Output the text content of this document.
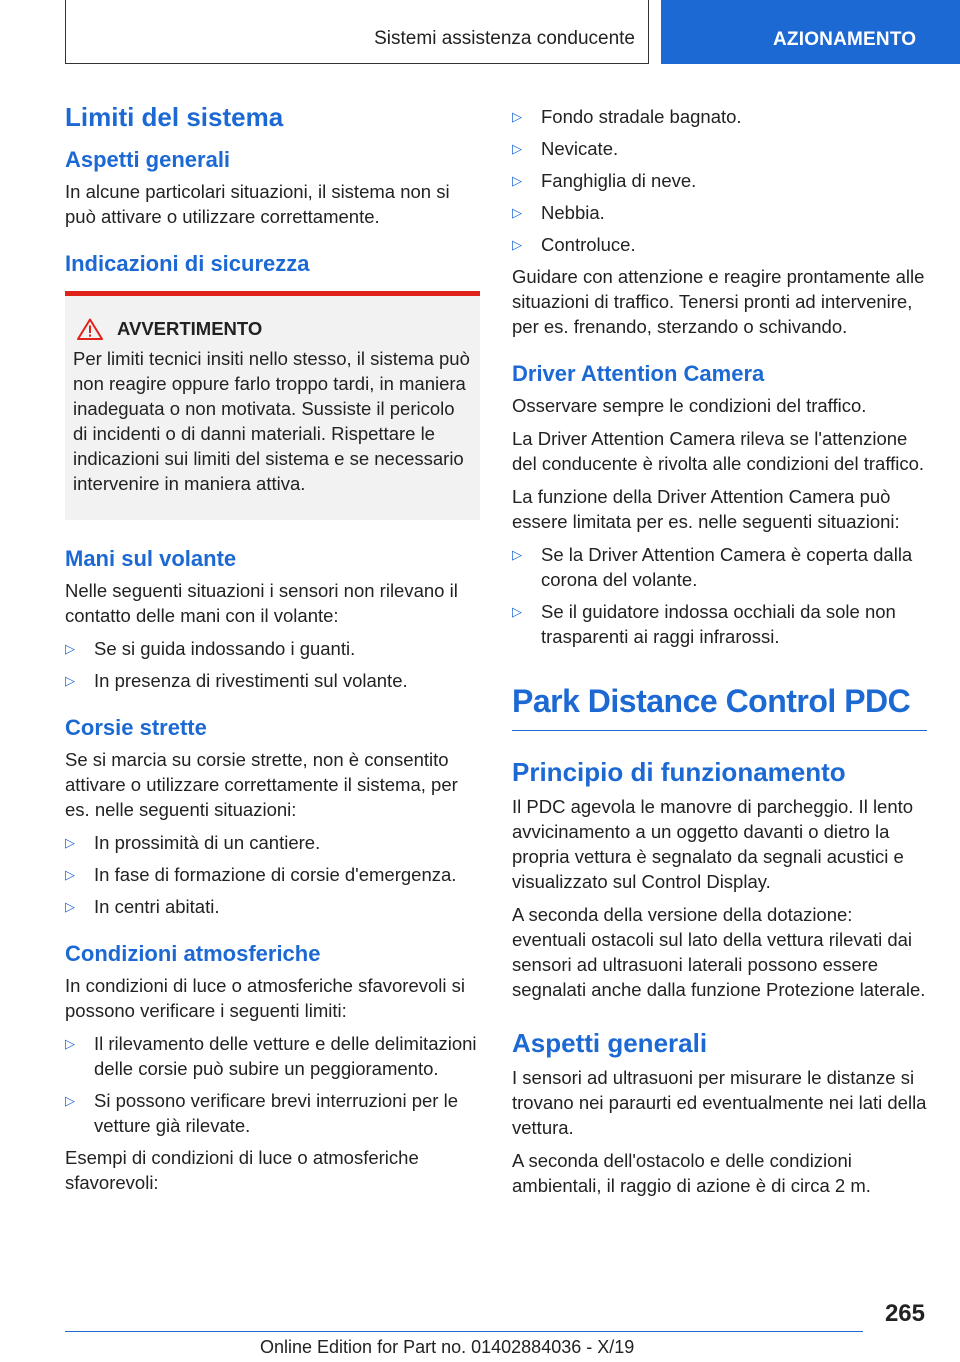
Sistemi assistenza conducente	AZIONAMENTO
Limiti del sistema
Aspetti generali

In alcune particolari situazioni, il sistema non si può attivare o utilizzare correttamente.

Indicazioni di sicurezza
AVVERTIMENTO

Per limiti tecnici insiti nello stesso, il sistema può non reagire oppure farlo troppo tardi, in maniera inadeguata o non motivata. Sussiste il pericolo di incidenti o di danni materiali. Rispettare le indicazioni sui limiti del sistema e se necessario intervenire in maniera attiva.

Mani sul volante

Nelle seguenti situazioni i sensori non rilevano il contatto delle mani con il volante:

▷ Se si guida indossando i guanti.
▷ In presenza di rivestimenti sul volante.
Corsie strette

Se si marcia su corsie strette, non è consentito attivare o utilizzare correttamente il sistema, per es. nelle seguenti situazioni:

▷ In prossimità di un cantiere.
▷ In fase di formazione di corsie d'emergenza.
▷ In centri abitati.
Condizioni atmosferiche

In condizioni di luce o atmosferiche sfavorevoli si possono verificare i seguenti limiti:

▷ Il rilevamento delle vetture e delle delimitazioni delle corsie può subire un peggioramento.
▷ Si possono verificare brevi interruzioni per le vetture già rilevate.

Esempi di condizioni di luce o atmosferiche sfavorevoli:

▷ Fondo stradale bagnato.
▷ Nevicate.
▷ Fanghiglia di neve.
▷ Nebbia.
▷ Controluce.

Guidare con attenzione e reagire prontamente alle situazioni di traffico. Tenersi pronti ad intervenire, per es. frenando, sterzando o schivando.

Driver Attention Camera

Osservare sempre le condizioni del traffico.

La Driver Attention Camera rileva se l'attenzione del conducente è rivolta alle condizioni del traffico.

La funzione della Driver Attention Camera può essere limitata per es. nelle seguenti situazioni:

▷ Se la Driver Attention Camera è coperta dalla corona del volante.
▷ Se il guidatore indossa occhiali da sole non trasparenti ai raggi infrarossi.
Park Distance Control PDC
Principio di funzionamento

Il PDC agevola le manovre di parcheggio. Il lento avvicinamento a un oggetto davanti o dietro la propria vettura è segnalato da segnali acustici e visualizzato sul Control Display.

A seconda della versione della dotazione: eventuali ostacoli sul lato della vettura rilevati dai sensori ad ultrasuoni laterali possono essere segnalati anche dalla funzione Protezione laterale.

Aspetti generali

I sensori ad ultrasuoni per misurare le distanze si trovano nei paraurti ed eventualmente nei lati della vettura.

A seconda dell'ostacolo e delle condizioni ambientali, il raggio di azione è di circa 2 m.

265
Online Edition for Part no. 01402884036 - X/19
